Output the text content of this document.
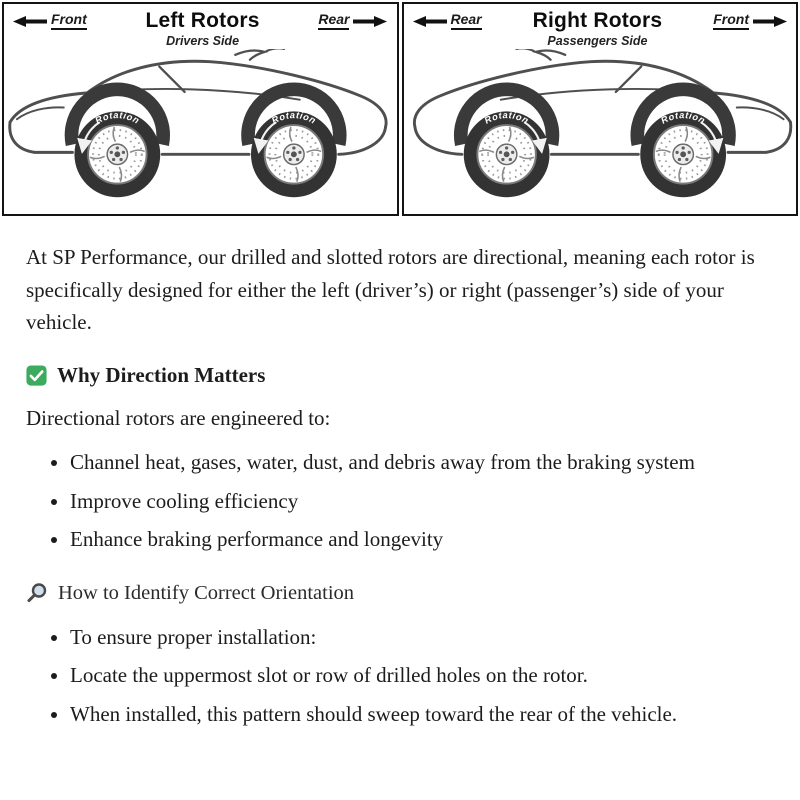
Front	Left Rotors
Drivers Side
Rear
Rotation	Rotation
Rear Right Rotors
Passengers Side
Front
Rotation	Rotation

At SP Performance, our drilled and slotted rotors are directional, meaning each rotor is specifically designed for either the left (driver’s) or right (passenger’s) side of your vehicle.

Why Direction Matters

Directional rotors are engineered to:

• Channel heat, gases, water, dust, and debris away from the braking system
• Improve cooling efficiency
• Enhance braking performance and longevity
How to Identify Correct Orientation
• To ensure proper installation:
• Locate the uppermost slot or row of drilled holes on the rotor.
• When installed, this pattern should sweep toward the rear of the vehicle.
